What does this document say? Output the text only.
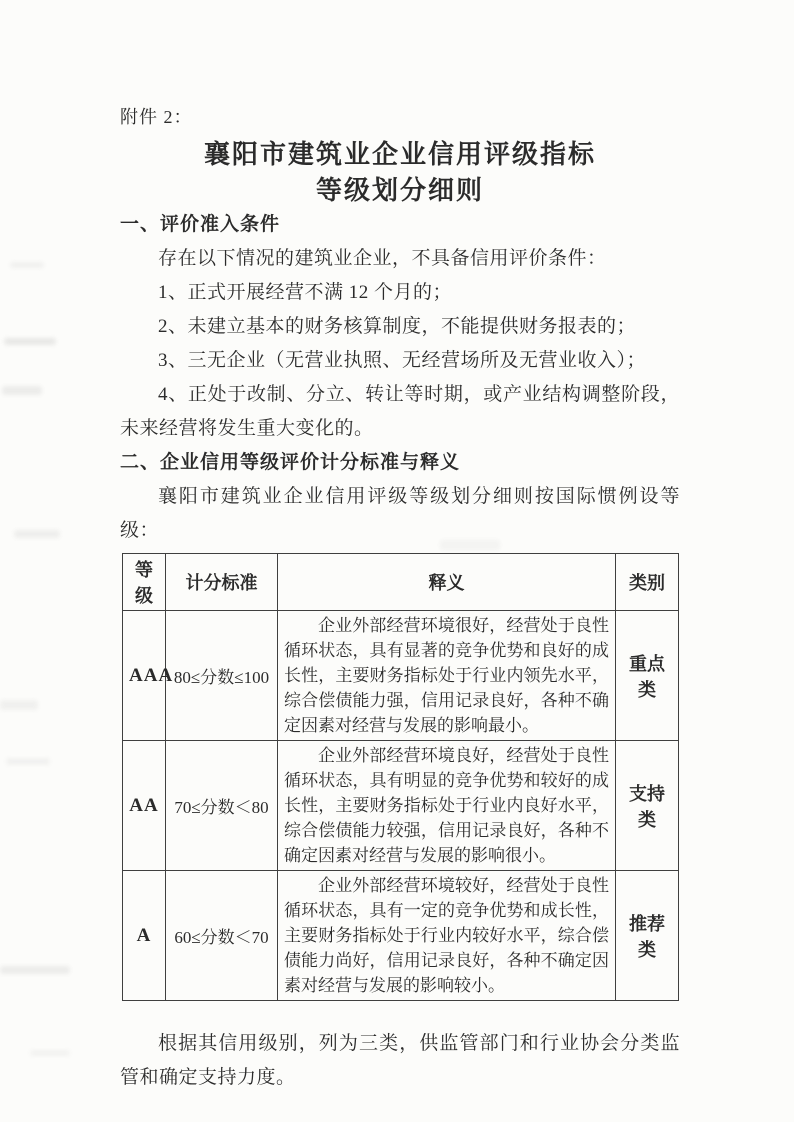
附件 2：
襄阳市建筑业企业信用评级指标
等级划分细则
一、评价准入条件

存在以下情况的建筑业企业，不具备信用评价条件：

1、正式开展经营不满 12 个月的；

2、未建立基本的财务核算制度，不能提供财务报表的；

3、三无企业（无营业执照、无经营场所及无营业收入）；

4、正处于改制、分立、转让等时期，或产业结构调整阶段，未来经营将发生重大变化的。

二、企业信用等级评价计分标准与释义

襄阳市建筑业企业信用评级等级划分细则按国际惯例设等级：

等级	计分标准	释义	类别
AAA	80≤分数≤100	企业外部经营环境很好，经营处于良性循环状态，具有显著的竞争优势和良好的成长性，主要财务指标处于行业内领先水平，综合偿债能力强，信用记录良好，各种不确定因素对经营与发展的影响最小。	重点类
AA	70≤分数＜80	企业外部经营环境良好，经营处于良性循环状态，具有明显的竞争优势和较好的成长性，主要财务指标处于行业内良好水平，综合偿债能力较强，信用记录良好，各种不确定因素对经营与发展的影响很小。	支持类
A	60≤分数＜70	企业外部经营环境较好，经营处于良性循环状态，具有一定的竞争优势和成长性，主要财务指标处于行业内较好水平，综合偿债能力尚好，信用记录良好，各种不确定因素对经营与发展的影响较小。	推荐类

根据其信用级别，列为三类，供监管部门和行业协会分类监管和确定支持力度。
